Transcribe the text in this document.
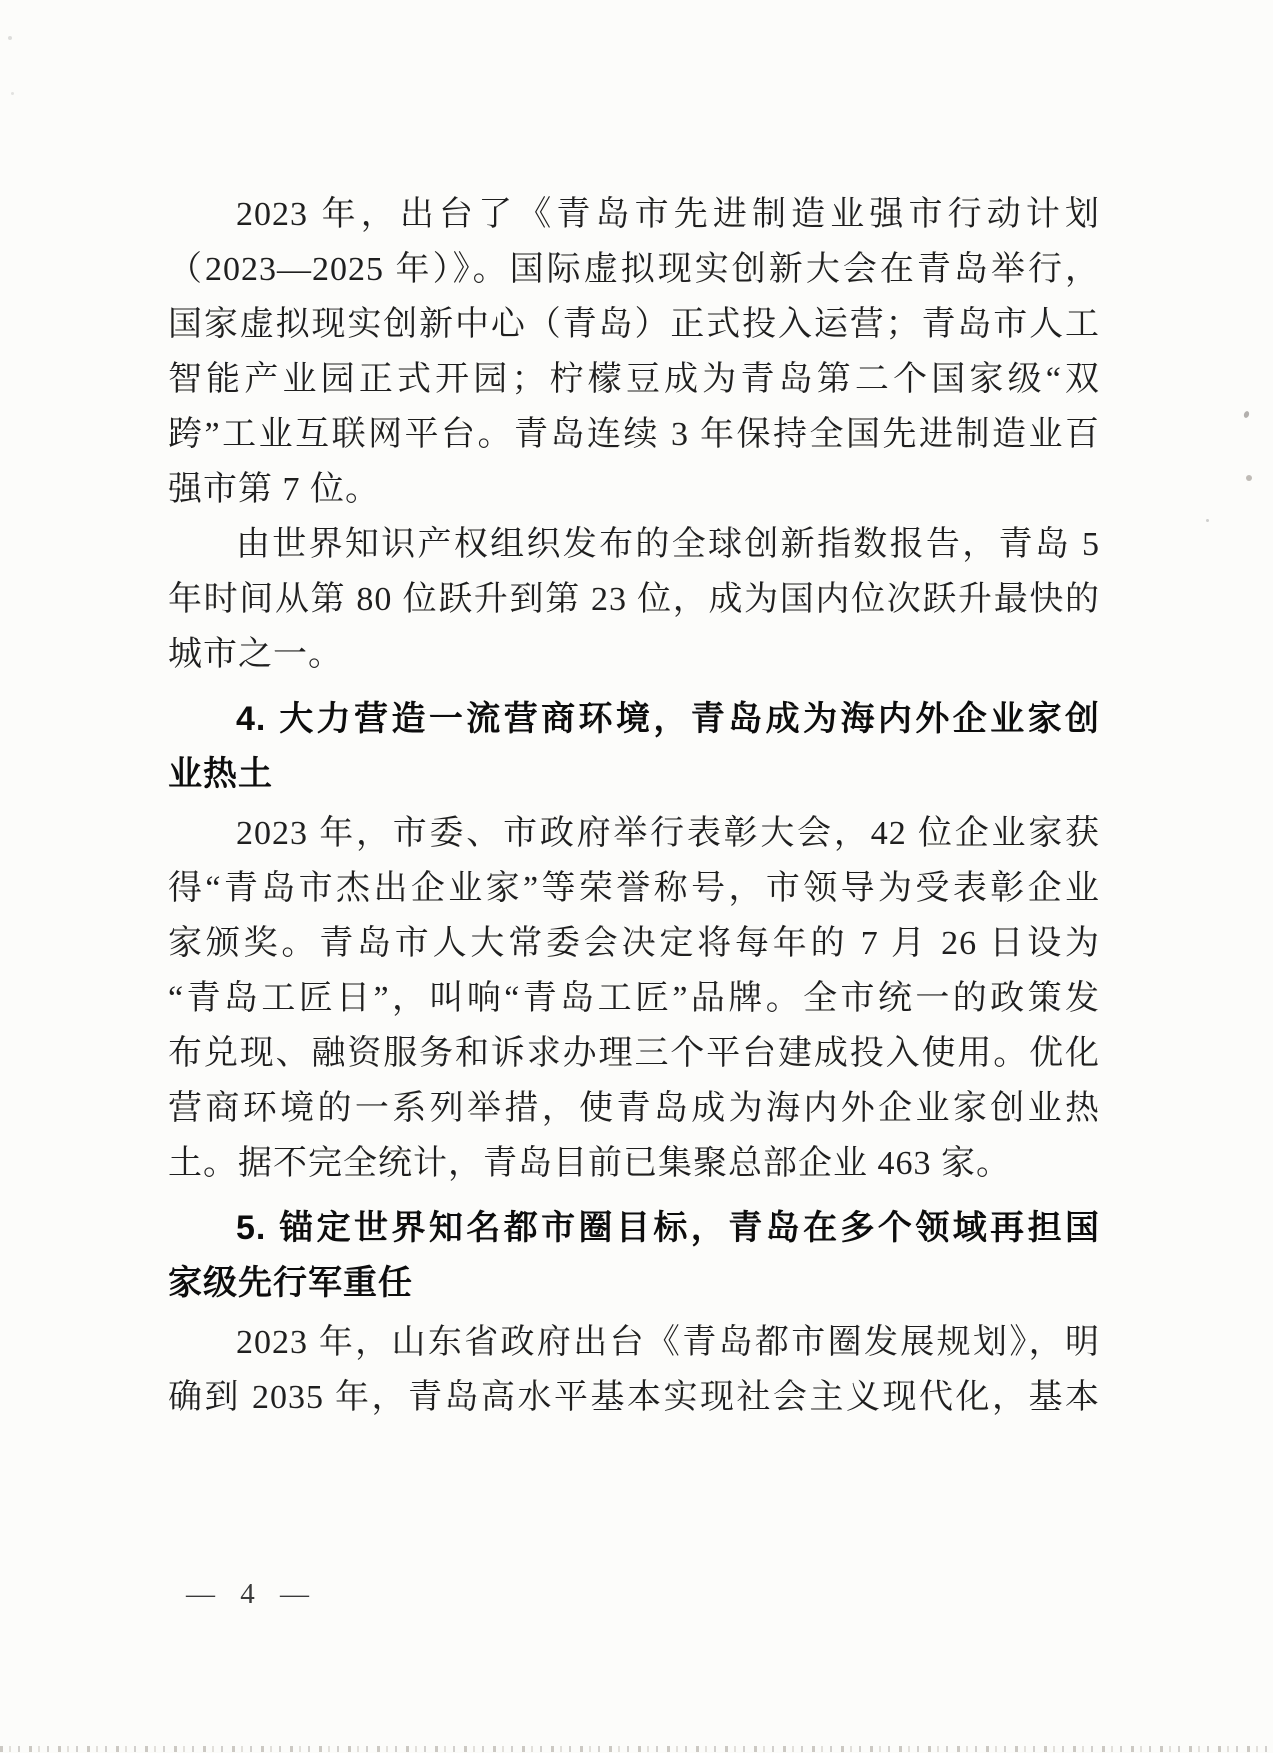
2023 年，出台了《青岛市先进制造业强市行动计划
（2023—2025 年）》。国际虚拟现实创新大会在青岛举行，
国家虚拟现实创新中心（青岛）正式投入运营；青岛市人工
智能产业园正式开园；柠檬豆成为青岛第二个国家级“双
跨”工业互联网平台。青岛连续 3 年保持全国先进制造业百
强市第 7 位。
由世界知识产权组织发布的全球创新指数报告，青岛 5
年时间从第 80 位跃升到第 23 位，成为国内位次跃升最快的
城市之一。
4. 大力营造一流营商环境，青岛成为海内外企业家创
业热土
2023 年，市委、市政府举行表彰大会，42 位企业家获
得“青岛市杰出企业家”等荣誉称号，市领导为受表彰企业
家颁奖。青岛市人大常委会决定将每年的 7 月 26 日设为
“青岛工匠日”，叫响“青岛工匠”品牌。全市统一的政策发
布兑现、融资服务和诉求办理三个平台建成投入使用。优化
营商环境的一系列举措，使青岛成为海内外企业家创业热
土。据不完全统计，青岛目前已集聚总部企业 463 家。
5. 锚定世界知名都市圈目标，青岛在多个领域再担国
家级先行军重任
2023 年，山东省政府出台《青岛都市圈发展规划》，明
确到 2035 年，青岛高水平基本实现社会主义现代化，基本
— 4 —
